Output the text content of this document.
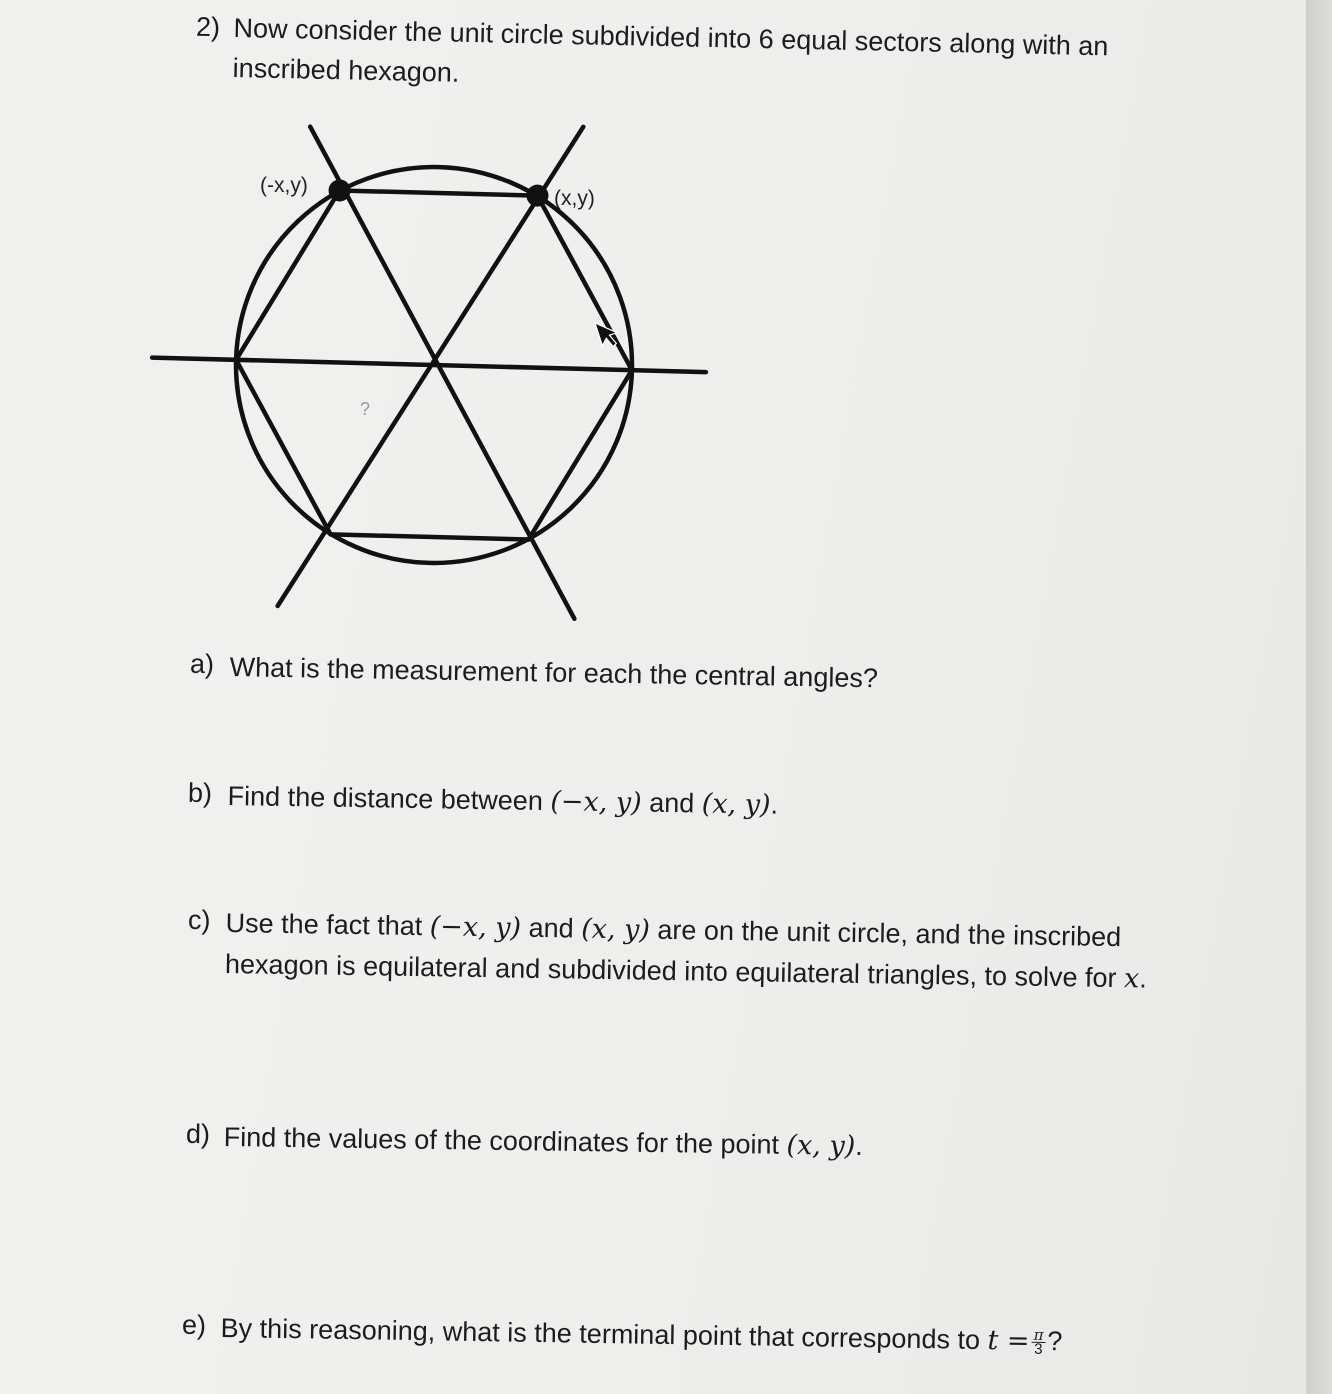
2) Now consider the unit circle subdivided into 6 equal sectors along with an inscribed hexagon.
(-x,y)
(x,y)
?
a) What is the measurement for each the central angles?
b) Find the distance between (−x, y) and (x, y).
c) Use the fact that (−x, y) and (x, y) are on the unit circle, and the inscribed hexagon is equilateral and subdivided into equilateral triangles, to solve for x.
d) Find the values of the coordinates for the point (x, y).
e) By this reasoning, what is the terminal point that corresponds to $t = \frac{\pi}{3}$ ?
